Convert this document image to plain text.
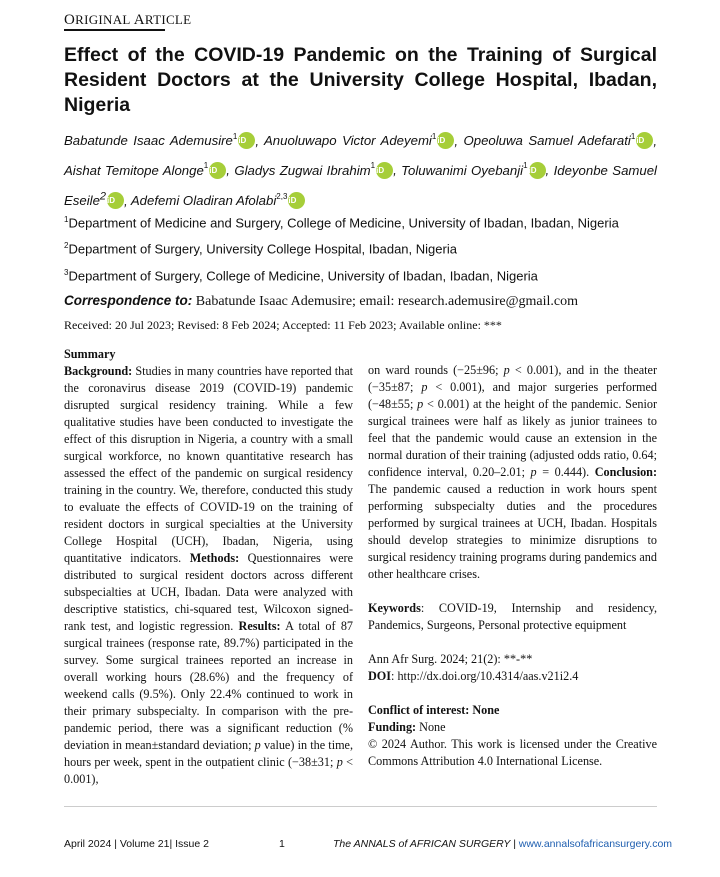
ORIGINAL ARTICLE
Effect of the COVID-19 Pandemic on the Training of Surgical Resident Doctors at the University College Hospital, Ibadan, Nigeria
Babatunde Isaac Ademusire$^1$iD , Anuoluwapo Victor Adeyemi$^1$iD , Opeoluwa Samuel Adefarati$^1$iD , Aishat Temitope Alonge$^1$iD , Gladys Zugwai Ibrahim$^1$iD , Toluwanimi Oyebanji$^1$iD , Ideyonbe Samuel Eseile$^2$iD , Adefemi Oladiran Afolabi$^{2,3}$iD
$^1$Department of Medicine and Surgery, College of Medicine, University of Ibadan, Ibadan, Nigeria
$^2$Department of Surgery, University College Hospital, Ibadan, Nigeria
$^3$Department of Surgery, College of Medicine, University of Ibadan, Ibadan, Nigeria
Correspondence to: Babatunde Isaac Ademusire; email: research.ademusire@gmail.com
Received: 20 Jul 2023; Revised: 8 Feb 2024; Accepted: 11 Feb 2023; Available online: ***

Summary

Background: Studies in many countries have reported that the coronavirus disease 2019 (COVID-19) pandemic disrupted surgical residency training. While a few qualitative studies have been conducted to investigate the effect of this disruption in Nigeria, a country with a small surgical workforce, no known quantitative research has assessed the effect of the pandemic on surgical residency training in the country. We, therefore, conducted this study to evaluate the effects of COVID-19 on the training of resident doctors in surgical specialties at the University College Hospital (UCH), Ibadan, Nigeria, using quantitative indicators. Methods: Questionnaires were distributed to surgical resident doctors across different subspecialties at UCH, Ibadan. Data were analyzed with descriptive statistics, chi-squared test, Wilcoxon signed-rank test, and logistic regression. Results: A total of 87 surgical trainees (response rate, 89.7%) participated in the survey. Some surgical trainees reported an increase in overall working hours (28.6%) and the frequency of weekend calls (9.5%). Only 22.4% continued to work in their primary subspecialty. In comparison with the pre-pandemic period, there was a significant reduction (% deviation in mean±standard deviation; p value) in the time, hours per week, spent in the outpatient clinic (−38±31; p < 0.001),

on ward rounds (−25±96; p < 0.001), and in the theater (−35±87; p < 0.001), and major surgeries performed (−48±55; p < 0.001) at the height of the pandemic. Senior surgical trainees were half as likely as junior trainees to feel that the pandemic would cause an extension in the normal duration of their training (adjusted odds ratio, 0.64; confidence interval, 0.20–2.01; p = 0.444). Conclusion: The pandemic caused a reduction in work hours spent performing subspecialty duties and the procedures performed by surgical trainees at UCH, Ibadan. Hospitals should develop strategies to minimize disruptions to surgical residency training programs during pandemics and other healthcare crises.

Keywords: COVID-19, Internship and residency, Pandemics, Surgeons, Personal protective equipment

Ann Afr Surg. 2024; 21(2): **-**

DOI: http://dx.doi.org/10.4314/aas.v21i2.4

Conflict of interest: None

Funding: None

© 2024 Author. This work is licensed under the Creative Commons Attribution 4.0 International License.

April 2024 | Volume 21| Issue 2	1	The ANNALS of AFRICAN SURGERY | www.annalsofafricansurgery.com
